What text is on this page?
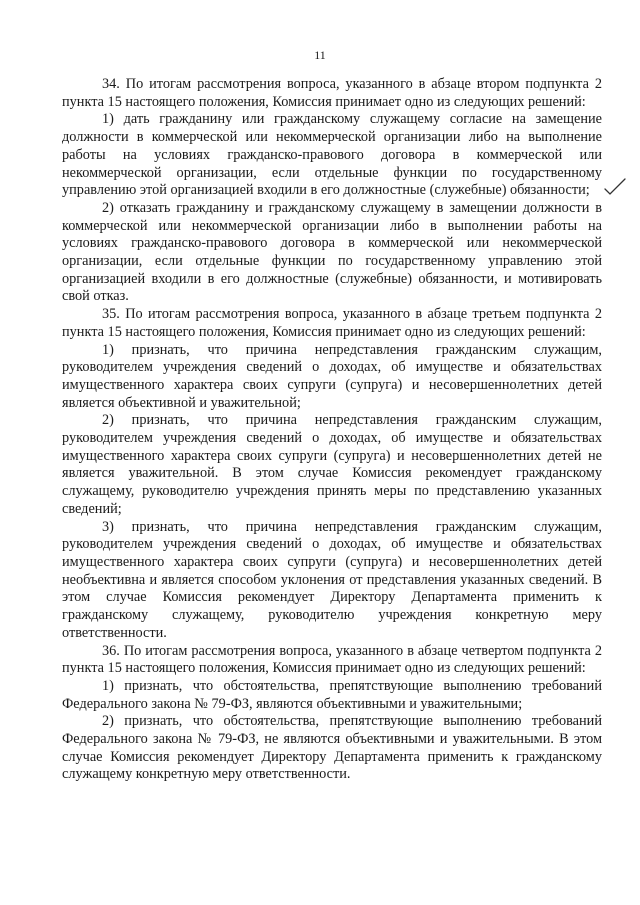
11

34. По итогам рассмотрения вопроса, указанного в абзаце втором подпункта 2 пункта 15 настоящего положения, Комиссия принимает одно из следующих решений:

1) дать гражданину или гражданскому служащему согласие на замещение должности в коммерческой или некоммерческой организации либо на выполнение работы на условиях гражданско-правового договора в коммерческой или некоммерческой организации, если отдельные функции по государственному управлению этой организацией входили в его должностные (служебные) обязанности;

2) отказать гражданину и гражданскому служащему в замещении должности в коммерческой или некоммерческой организации либо в выполнении работы на условиях гражданско-правового договора в коммерческой или некоммерческой организации, если отдельные функции по государственному управлению этой организацией входили в его должностные (служебные) обязанности, и мотивировать свой отказ.

35. По итогам рассмотрения вопроса, указанного в абзаце третьем подпункта 2 пункта 15 настоящего положения, Комиссия принимает одно из следующих решений:

1) признать, что причина непредставления гражданским служащим, руководителем учреждения сведений о доходах, об имуществе и обязательствах имущественного характера своих супруги (супруга) и несовершеннолетних детей является объективной и уважительной;

2) признать, что причина непредставления гражданским служащим, руководителем учреждения сведений о доходах, об имуществе и обязательствах имущественного характера своих супруги (супруга) и несовершеннолетних детей не является уважительной. В этом случае Комиссия рекомендует гражданскому служащему, руководителю учреждения принять меры по представлению указанных сведений;

3) признать, что причина непредставления гражданским служащим, руководителем учреждения сведений о доходах, об имуществе и обязательствах имущественного характера своих супруги (супруга) и несовершеннолетних детей необъективна и является способом уклонения от представления указанных сведений. В этом случае Комиссия рекомендует Директору Департамента применить к гражданскому служащему, руководителю учреждения конкретную меру ответственности.

36. По итогам рассмотрения вопроса, указанного в абзаце четвертом подпункта 2 пункта 15 настоящего положения, Комиссия принимает одно из следующих решений:

1) признать, что обстоятельства, препятствующие выполнению требований Федерального закона № 79-ФЗ, являются объективными и уважительными;

2) признать, что обстоятельства, препятствующие выполнению требований Федерального закона № 79-ФЗ, не являются объективными и уважительными. В этом случае Комиссия рекомендует Директору Департамента применить к гражданскому служащему конкретную меру ответственности.
